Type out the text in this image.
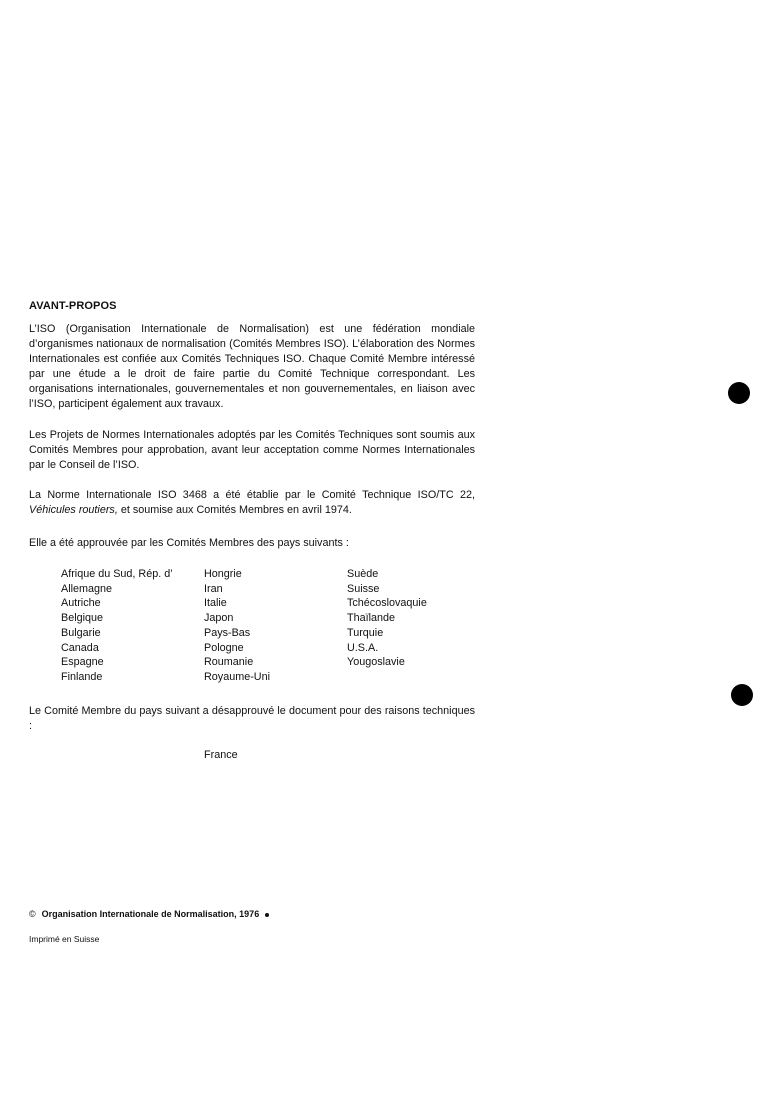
AVANT-PROPOS

L’ISO (Organisation Internationale de Normalisation) est une fédération mondiale d’organismes nationaux de normalisation (Comités Membres ISO). L’élaboration des Normes Internationales est confiée aux Comités Techniques ISO. Chaque Comité Membre intéressé par une étude a le droit de faire partie du Comité Technique correspondant. Les organisations internationales, gouvernementales et non gouvernementales, en liaison avec l’ISO, participent également aux travaux.

Les Projets de Normes Internationales adoptés par les Comités Techniques sont soumis aux Comités Membres pour approbation, avant leur acceptation comme Normes Internationales par le Conseil de l’ISO.

La Norme Internationale ISO 3468 a été établie par le Comité Technique ISO/TC 22, Véhicules routiers, et soumise aux Comités Membres en avril 1974.

Elle a été approuvée par les Comités Membres des pays suivants :

Afrique du Sud, Rép. d’
Allemagne
Autriche
Belgique
Bulgarie
Canada
Espagne
Finlande
Hongrie
Iran
Italie
Japon
Pays-Bas
Pologne
Roumanie
Royaume-Uni
Suède
Suisse
Tchécoslovaquie
Thaïlande
Turquie
U.S.A.
Yougoslavie

Le Comité Membre du pays suivant a désapprouvé le document pour des raisons techniques :

France
© Organisation Internationale de Normalisation, 1976
Imprimé en Suisse
